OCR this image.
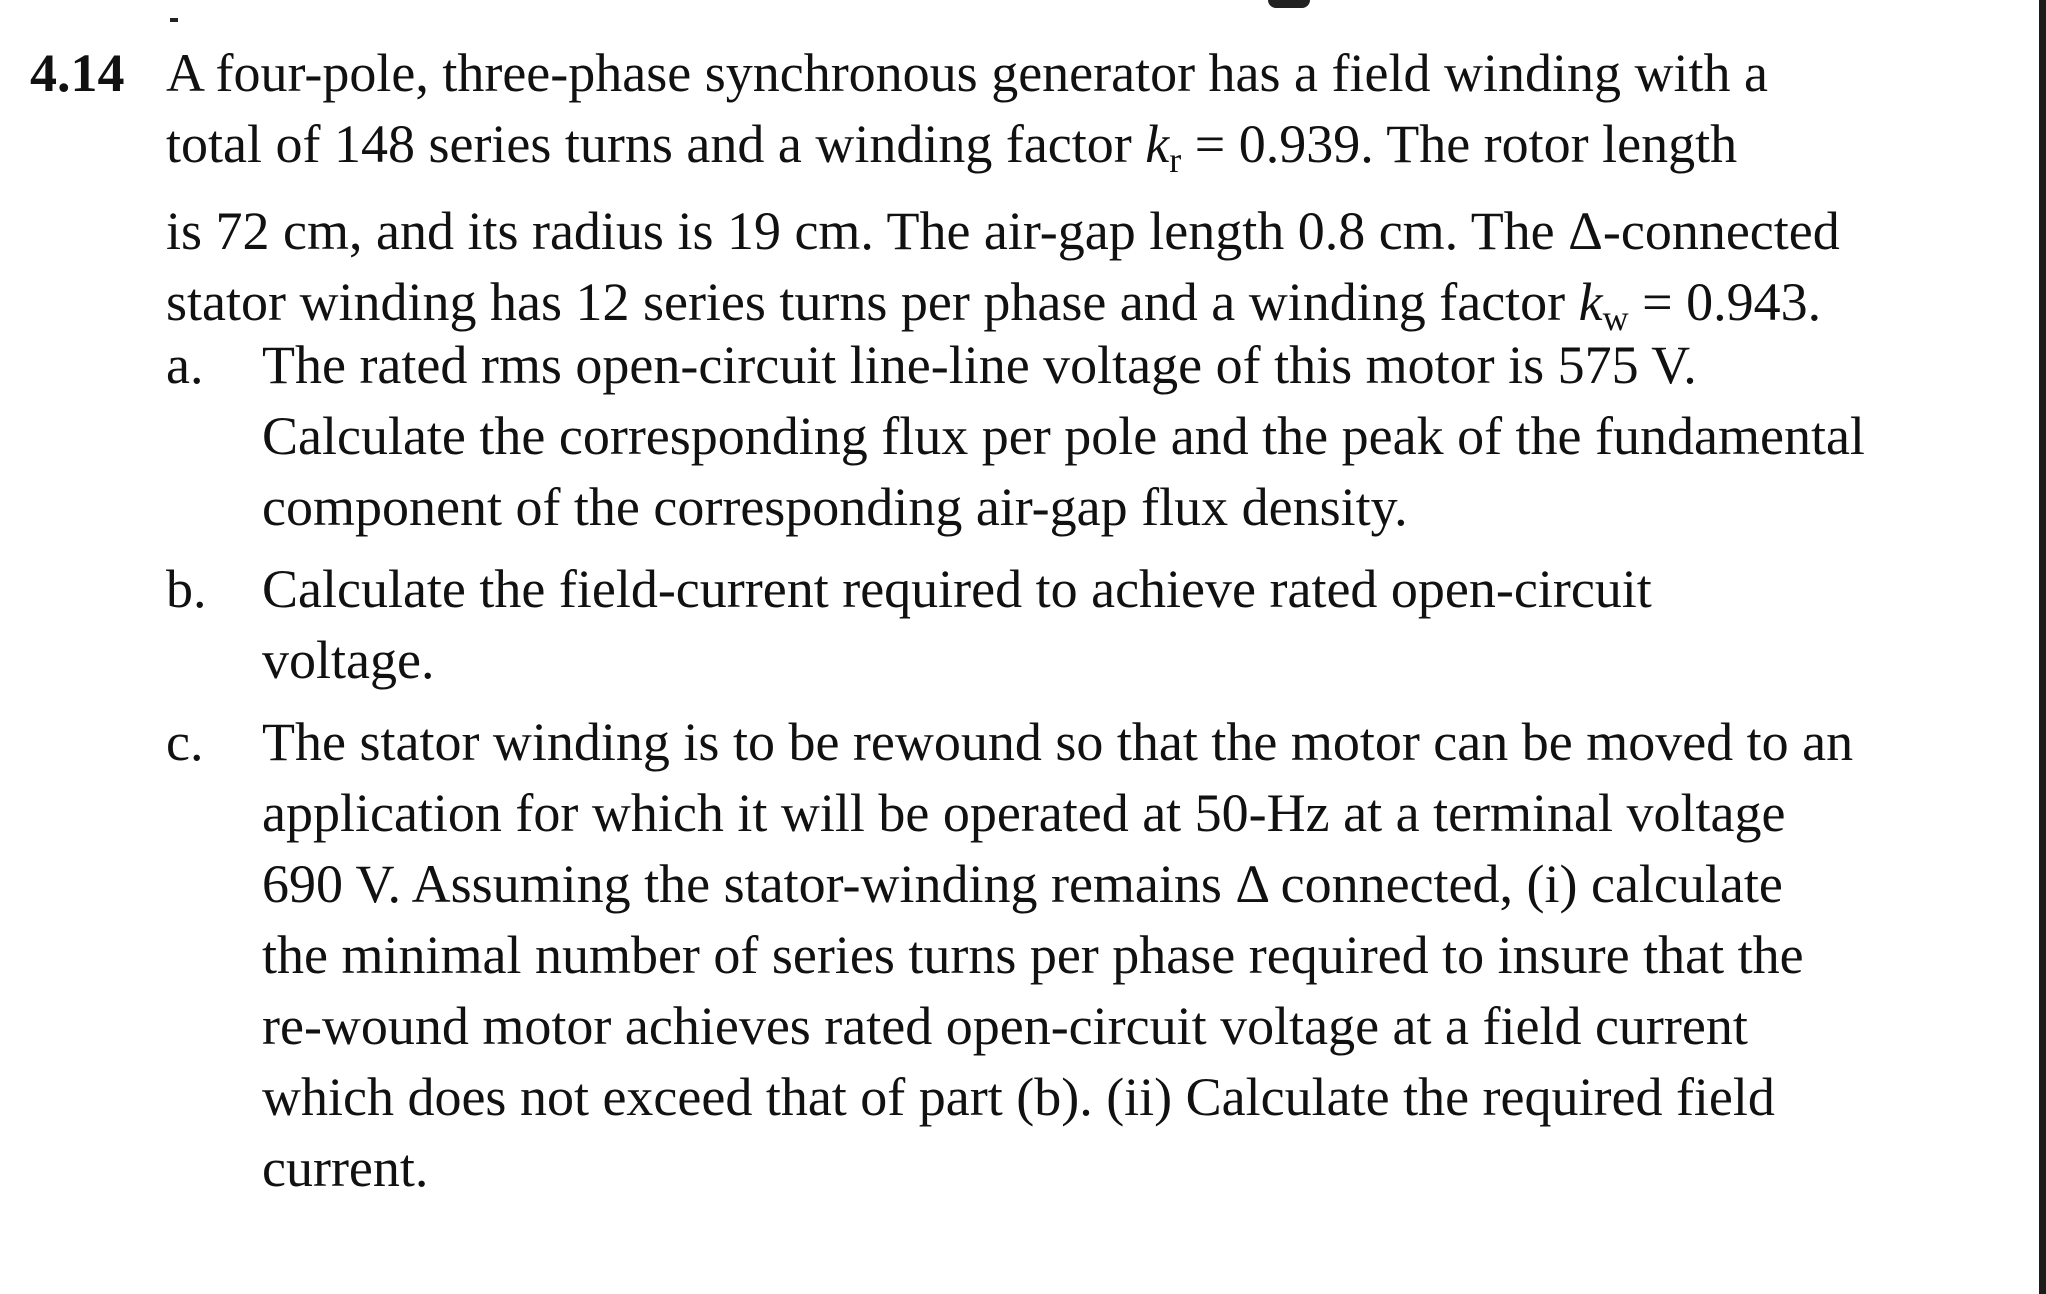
4.14 A four-pole, three-phase synchronous generator has a field winding with a
total of 148 series turns and a winding factor $k_r = 0.939$. The rotor length
is 72 cm, and its radius is 19 cm. The air-gap length 0.8 cm. The Δ-connected
stator winding has 12 series turns per phase and a winding factor $k_w = 0.943$.
a. The rated rms open-circuit line-line voltage of this motor is 575 V.
Calculate the corresponding flux per pole and the peak of the fundamental
component of the corresponding air-gap flux density.
b. Calculate the field-current required to achieve rated open-circuit
voltage.
c. The stator winding is to be rewound so that the motor can be moved to an
application for which it will be operated at 50-Hz at a terminal voltage
690 V. Assuming the stator-winding remains Δ connected, (i) calculate
the minimal number of series turns per phase required to insure that the
re-wound motor achieves rated open-circuit voltage at a field current
which does not exceed that of part (b). (ii) Calculate the required field
current.
